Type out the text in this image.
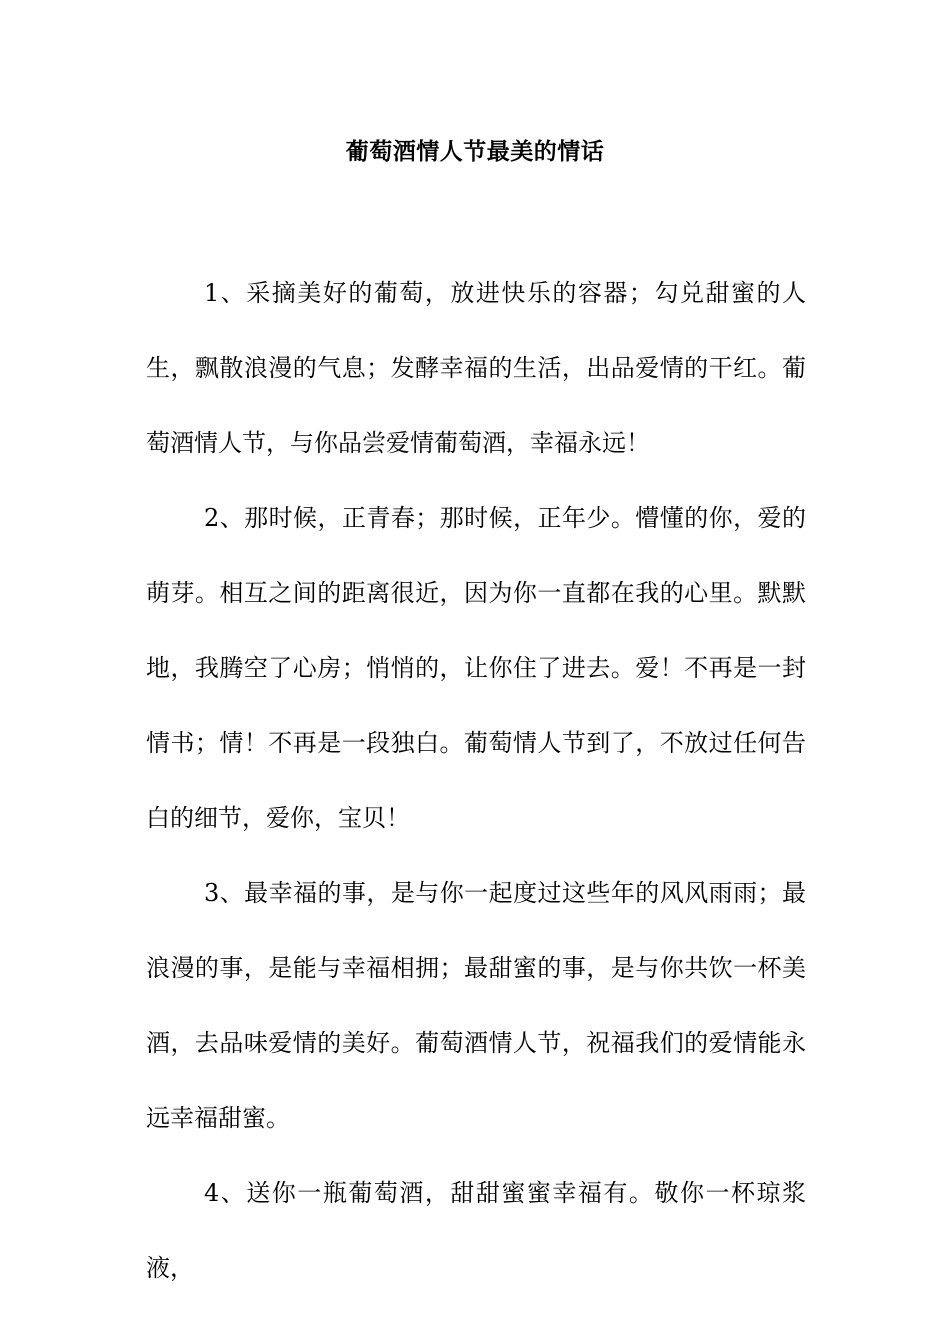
葡萄酒情人节最美的情话

1、采摘美好的葡萄，放进快乐的容器；勾兑甜蜜的人生，飘散浪漫的气息；发酵幸福的生活，出品爱情的干红。葡萄酒情人节，与你品尝爱情葡萄酒，幸福永远！

2、那时候，正青春；那时候，正年少。懵懂的你，爱的萌芽。相互之间的距离很近，因为你一直都在我的心里。默默地，我腾空了心房；悄悄的，让你住了进去。爱！不再是一封情书；情！不再是一段独白。葡萄情人节到了，不放过任何告白的细节，爱你，宝贝！

3、最幸福的事，是与你一起度过这些年的风风雨雨；最浪漫的事，是能与幸福相拥；最甜蜜的事，是与你共饮一杯美酒，去品味爱情的美好。葡萄酒情人节，祝福我们的爱情能永远幸福甜蜜。

4、送你一瓶葡萄酒，甜甜蜜蜜幸福有。敬你一杯琼浆液，
